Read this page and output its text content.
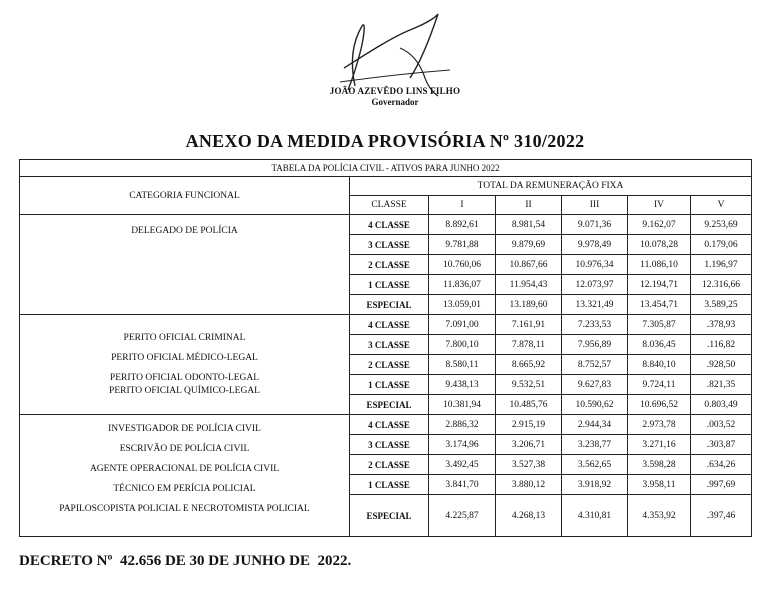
JOÃO AZEVÊDO LINS FILHO
Governador
ANEXO DA MEDIDA PROVISÓRIA Nº 310/2022
TABELA DA POLÍCIA CIVIL - ATIVOS PARA JUNHO 2022						
CATEGORIA FUNCIONAL	TOTAL DA REMUNERAÇÃO FIXA					
	CLASSE	I	II	III	IV	V

DELEGADO DE POLÍCIA	4 CLASSE	8.892,61	8.981,54	9.071,36	9.162,07	9.253,69
	3 CLASSE	9.781,88	9.879,69	9.978,49	10.078,28	0.179,06
	2 CLASSE	10.760,06	10.867,66	10.976,34	11.086,10	1.196,97
	1 CLASSE	11.836,07	11.954,43	12.073,97	12.194,71	12.316,66
	ESPECIAL	13.059,01	13.189,60	13.321,49	13.454,71	3.589,25

PERITO OFICIAL CRIMINAL
PERITO OFICIAL MÉDICO-LEGAL
PERITO OFICIAL ODONTO-LEGAL
PERITO OFICIAL QUÍMICO-LEGAL	4 CLASSE	7.091,00	7.161,91	7.233,53	7.305,87	.378,93
	3 CLASSE	7.800,10	7.878,11	7.956,89	8.036,45	.116,82
	2 CLASSE	8.580,11	8.665,92	8.752,57	8.840,10	.928,50
	1 CLASSE	9.438,13	9.532,51	9.627,83	9.724,11	.821,35
	ESPECIAL	10.381,94	10.485,76	10.590,62	10.696,52	0.803,49

INVESTIGADOR DE POLÍCIA CIVIL
ESCRIVÃO DE POLÍCIA CIVIL
AGENTE OPERACIONAL DE POLÍCIA CIVIL
TÉCNICO EM PERÍCIA POLICIAL
PAPILOSCOPISTA POLICIAL E NECROTOMISTA POLICIAL	4 CLASSE	2.886,32	2.915,19	2.944,34	2.973,78	.003,52
	3 CLASSE	3.174,96	3.206,71	3.238,77	3.271,16	.303,87
	2 CLASSE	3.492,45	3.527,38	3.562,65	3.598,28	.634,26
	1 CLASSE	3.841,70	3.880,12	3.918,92	3.958,11	.997,69
	ESPECIAL	4.225,87	4.268,13	4.310,81	4.353,92	.397,46
DECRETO Nº  42.656 DE 30 DE JUNHO DE  2022.
